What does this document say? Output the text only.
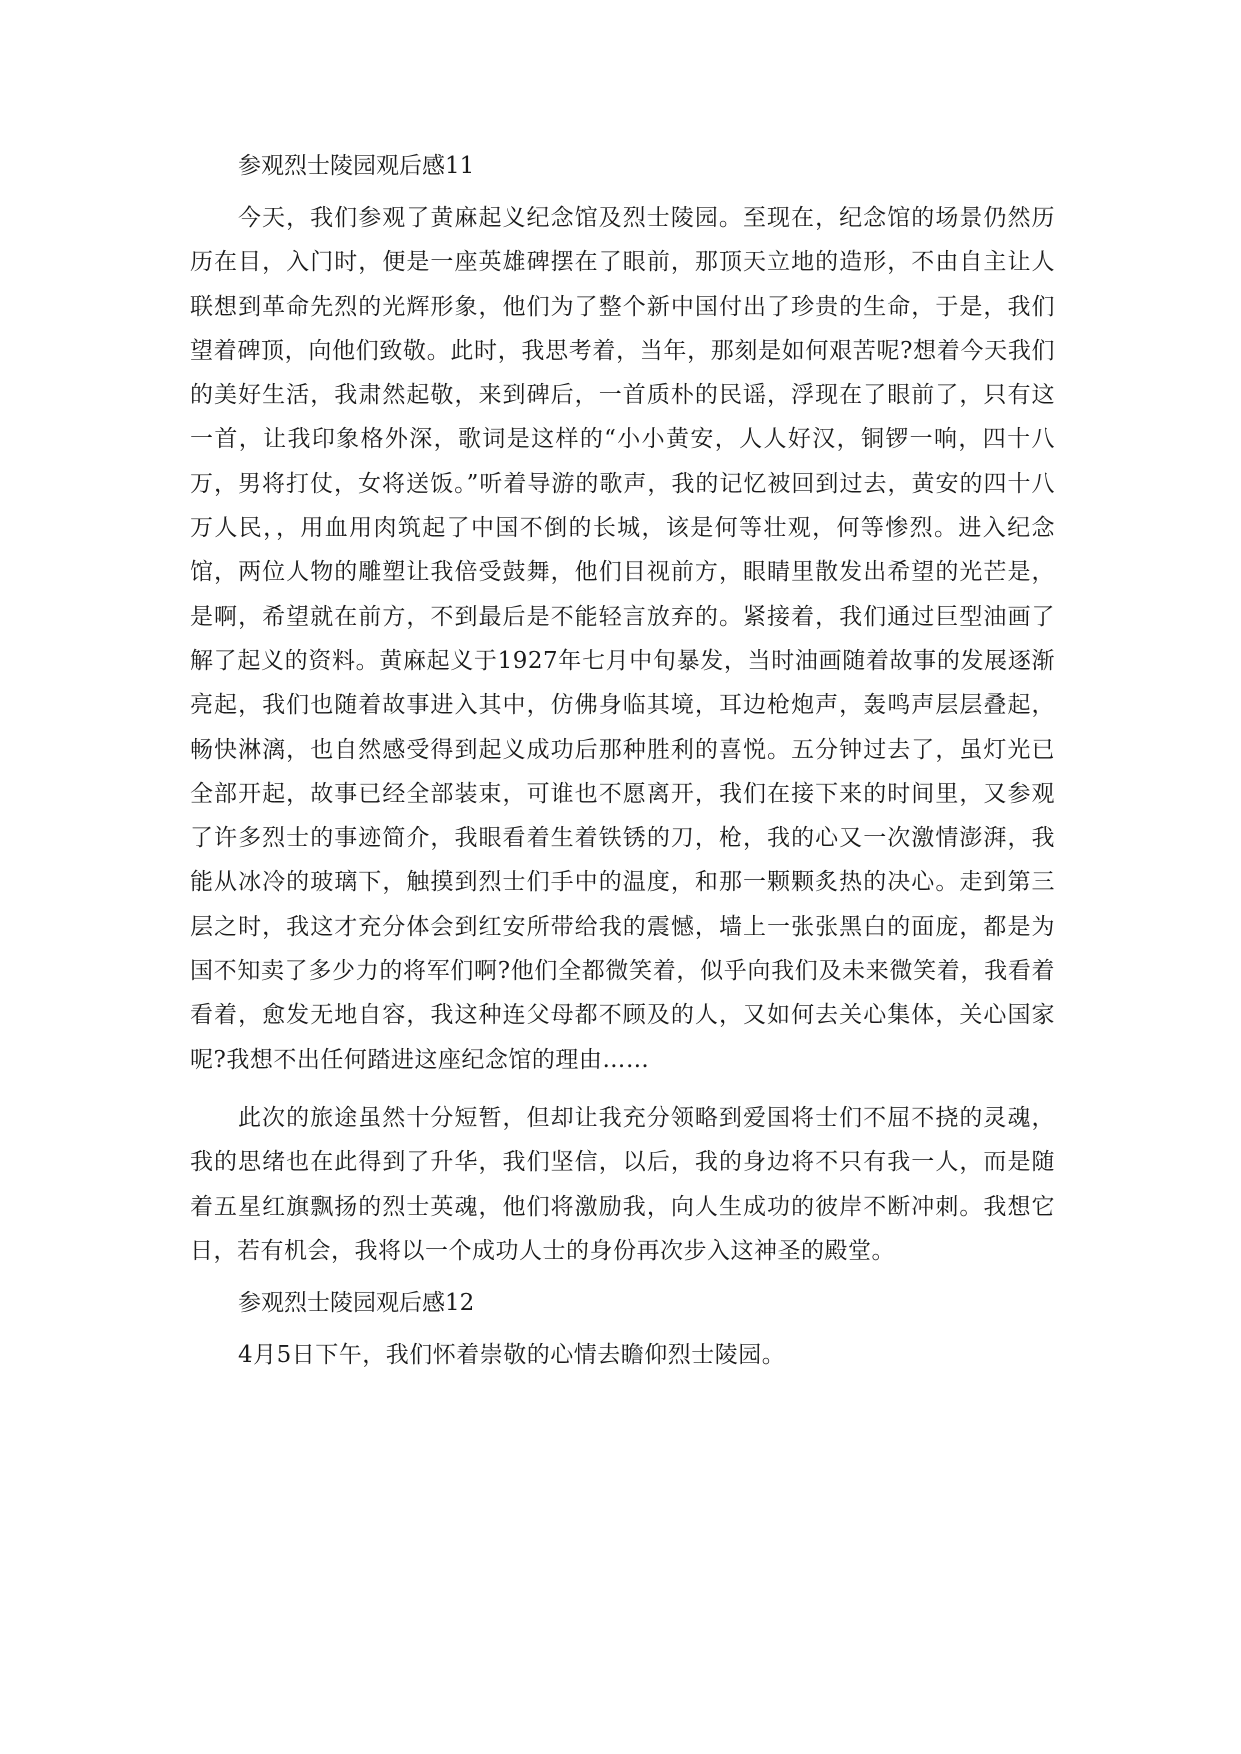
参观烈士陵园观后感11
今天，我们参观了黄麻起义纪念馆及烈士陵园。至现在，纪念馆的场景仍然历历在目，入门时，便是一座英雄碑摆在了眼前，那顶天立地的造形，不由自主让人联想到革命先烈的光辉形象，他们为了整个新中国付出了珍贵的生命，于是，我们望着碑顶，向他们致敬。此时，我思考着，当年，那刻是如何艰苦呢?想着今天我们的美好生活，我肃然起敬，来到碑后，一首质朴的民谣，浮现在了眼前了，只有这一首，让我印象格外深，歌词是这样的“小小黄安，人人好汉，铜锣一响，四十八万，男将打仗，女将送饭。”听着导游的歌声，我的记忆被回到过去，黄安的四十八万人民，，用血用肉筑起了中国不倒的长城，该是何等壮观，何等惨烈。进入纪念馆，两位人物的雕塑让我倍受鼓舞，他们目视前方，眼睛里散发出希望的光芒是，是啊，希望就在前方，不到最后是不能轻言放弃的。紧接着，我们通过巨型油画了解了起义的资料。黄麻起义于1927年七月中旬暴发，当时油画随着故事的发展逐渐亮起，我们也随着故事进入其中，仿佛身临其境，耳边枪炮声，轰鸣声层层叠起，畅快淋漓，也自然感受得到起义成功后那种胜利的喜悦。五分钟过去了，虽灯光已全部开起，故事已经全部装束，可谁也不愿离开，我们在接下来的时间里，又参观了许多烈士的事迹简介，我眼看着生着铁锈的刀，枪，我的心又一次激情澎湃，我能从冰冷的玻璃下，触摸到烈士们手中的温度，和那一颗颗炙热的决心。走到第三层之时，我这才充分体会到红安所带给我的震憾，墙上一张张黑白的面庞，都是为国不知卖了多少力的将军们啊?他们全都微笑着，似乎向我们及未来微笑着，我看着看着，愈发无地自容，我这种连父母都不顾及的人，又如何去关心集体，关心国家呢?我想不出任何踏进这座纪念馆的理由……
此次的旅途虽然十分短暂，但却让我充分领略到爱国将士们不屈不挠的灵魂，我的思绪也在此得到了升华，我们坚信，以后，我的身边将不只有我一人，而是随着五星红旗飘扬的烈士英魂，他们将激励我，向人生成功的彼岸不断冲刺。我想它日，若有机会，我将以一个成功人士的身份再次步入这神圣的殿堂。
参观烈士陵园观后感12
4月5日下午，我们怀着崇敬的心情去瞻仰烈士陵园。
